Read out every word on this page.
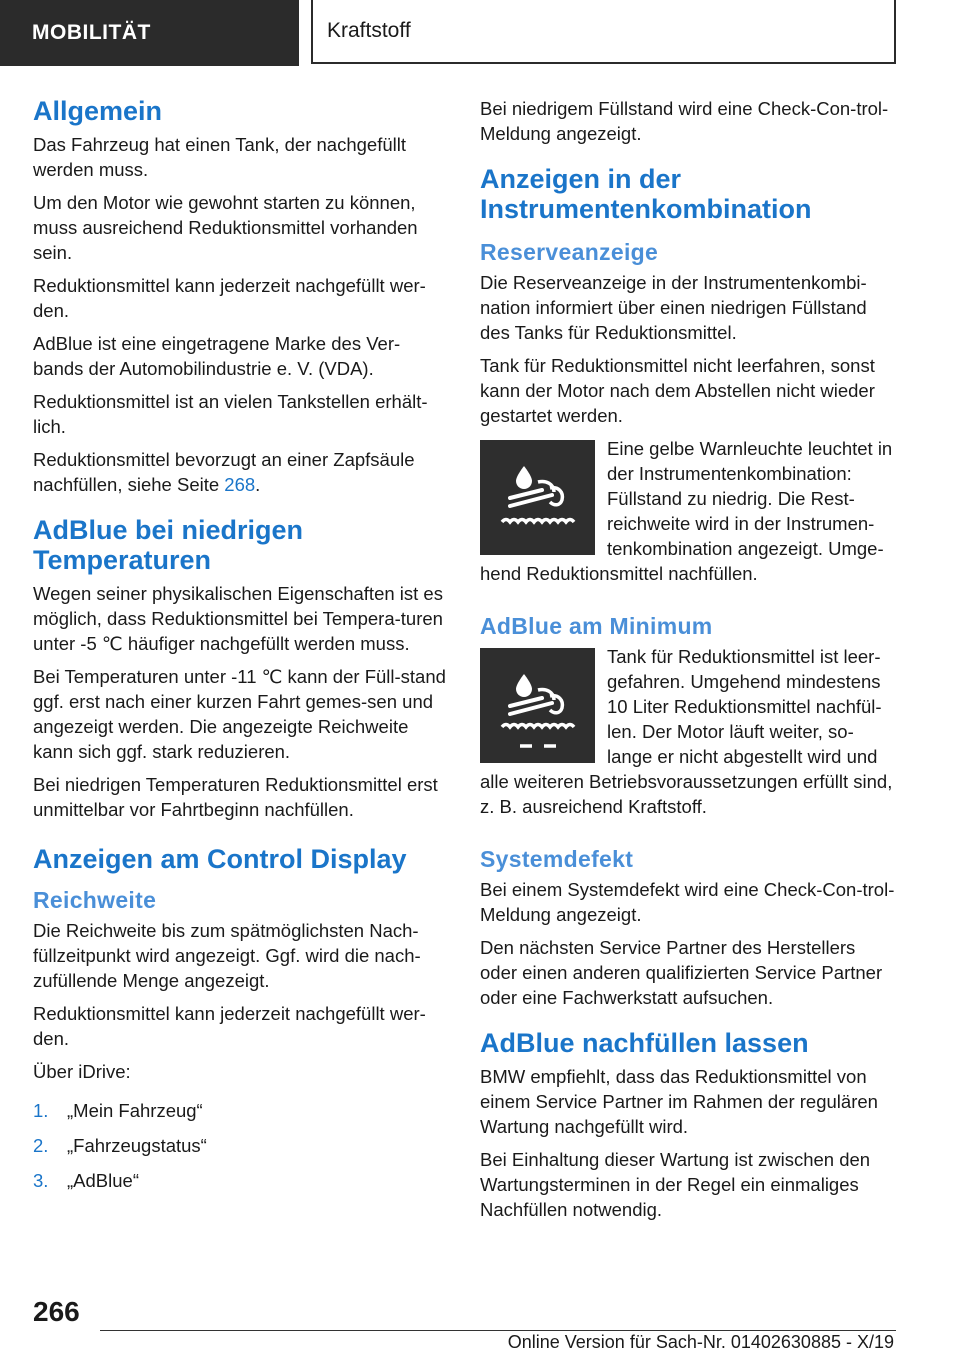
MOBILITÄT	Kraftstoff
Allgemein
Das Fahrzeug hat einen Tank, der nachgefüllt werden muss.
Um den Motor wie gewohnt starten zu können, muss ausreichend Reduktionsmittel vorhanden sein.
Reduktionsmittel kann jederzeit nachgefüllt wer-den.
AdBlue ist eine eingetragene Marke des Ver-bands der Automobilindustrie e. V. (VDA).
Reduktionsmittel ist an vielen Tankstellen erhält-lich.
Reduktionsmittel bevorzugt an einer Zapfsäule nachfüllen, siehe Seite 268.
AdBlue bei niedrigen Temperaturen
Wegen seiner physikalischen Eigenschaften ist es möglich, dass Reduktionsmittel bei Tempera-turen unter -5 ℃ häufiger nachgefüllt werden muss.
Bei Temperaturen unter -11 ℃ kann der Füll-stand ggf. erst nach einer kurzen Fahrt gemes-sen und angezeigt werden. Die angezeigte Reichweite kann sich ggf. stark reduzieren.
Bei niedrigen Temperaturen Reduktionsmittel erst unmittelbar vor Fahrtbeginn nachfüllen.
Anzeigen am Control Display
Reichweite
Die Reichweite bis zum spätmöglichsten Nach-füllzeitpunkt wird angezeigt. Ggf. wird die nach-zufüllende Menge angezeigt.
Reduktionsmittel kann jederzeit nachgefüllt wer-den.
Über iDrive:
1.	„Mein Fahrzeug“
2.	„Fahrzeugstatus“
3.	„AdBlue“
Bei niedrigem Füllstand wird eine Check-Con-trol- Meldung angezeigt.
Anzeigen in der Instrumentenkombination
Reserveanzeige
Die Reserveanzeige in der Instrumentenkombi-nation informiert über einen niedrigen Füllstand des Tanks für Reduktionsmittel.
Tank für Reduktionsmittel nicht leerfahren, sonst kann der Motor nach dem Abstellen nicht wieder gestartet werden.
Eine gelbe Warnleuchte leuchtet in der Instrumentenkombination: Füllstand zu niedrig. Die Rest-reichweite wird in der Instrumen-tenkombination angezeigt. Umge-hend Reduktionsmittel nachfüllen.
AdBlue am Minimum
Tank für Reduktionsmittel ist leer-gefahren. Umgehend mindestens 10 Liter Reduktionsmittel nachfül-len. Der Motor läuft weiter, so-lange er nicht abgestellt wird und alle weiteren Betriebsvoraussetzungen erfüllt sind, z. B. ausreichend Kraftstoff.
Systemdefekt
Bei einem Systemdefekt wird eine Check-Con-trol-Meldung angezeigt.
Den nächsten Service Partner des Herstellers oder einen anderen qualifizierten Service Partner oder eine Fachwerkstatt aufsuchen.
AdBlue nachfüllen lassen
BMW empfiehlt, dass das Reduktionsmittel von einem Service Partner im Rahmen der regulären Wartung nachgefüllt wird.
Bei Einhaltung dieser Wartung ist zwischen den Wartungsterminen in der Regel ein einmaliges Nachfüllen notwendig.
266
Online Version für Sach-Nr. 01402630885 - X/19
